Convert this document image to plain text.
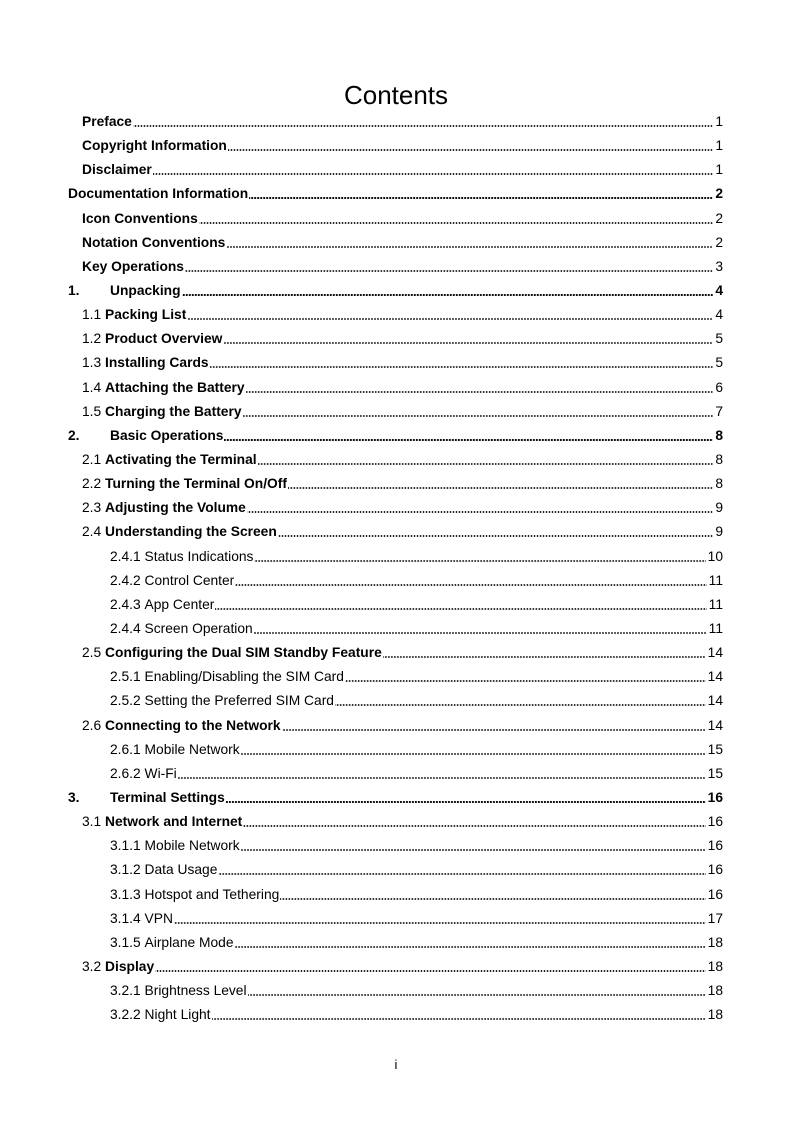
Contents
Preface	1
Copyright Information	1
Disclaimer	1
Documentation Information	2
Icon Conventions	2
Notation Conventions	2
Key Operations	3
1.	Unpacking	4
1.1 Packing List	4
1.2 Product Overview	5
1.3 Installing Cards	5
1.4 Attaching the Battery	6
1.5 Charging the Battery	7
2.	Basic Operations	8
2.1 Activating the Terminal	8
2.2 Turning the Terminal On/Off	8
2.3 Adjusting the Volume	9
2.4 Understanding the Screen	9
2.4.1 Status Indications	10
2.4.2 Control Center	11
2.4.3 App Center	11
2.4.4 Screen Operation	11
2.5 Configuring the Dual SIM Standby Feature	14
2.5.1 Enabling/Disabling the SIM Card	14
2.5.2 Setting the Preferred SIM Card	14
2.6 Connecting to the Network	14
2.6.1 Mobile Network	15
2.6.2 Wi-Fi	15
3.	Terminal Settings	16
3.1 Network and Internet	16
3.1.1 Mobile Network	16
3.1.2 Data Usage	16
3.1.3 Hotspot and Tethering	16
3.1.4 VPN	17
3.1.5 Airplane Mode	18
3.2 Display	18
3.2.1 Brightness Level	18
3.2.2 Night Light	18
i
